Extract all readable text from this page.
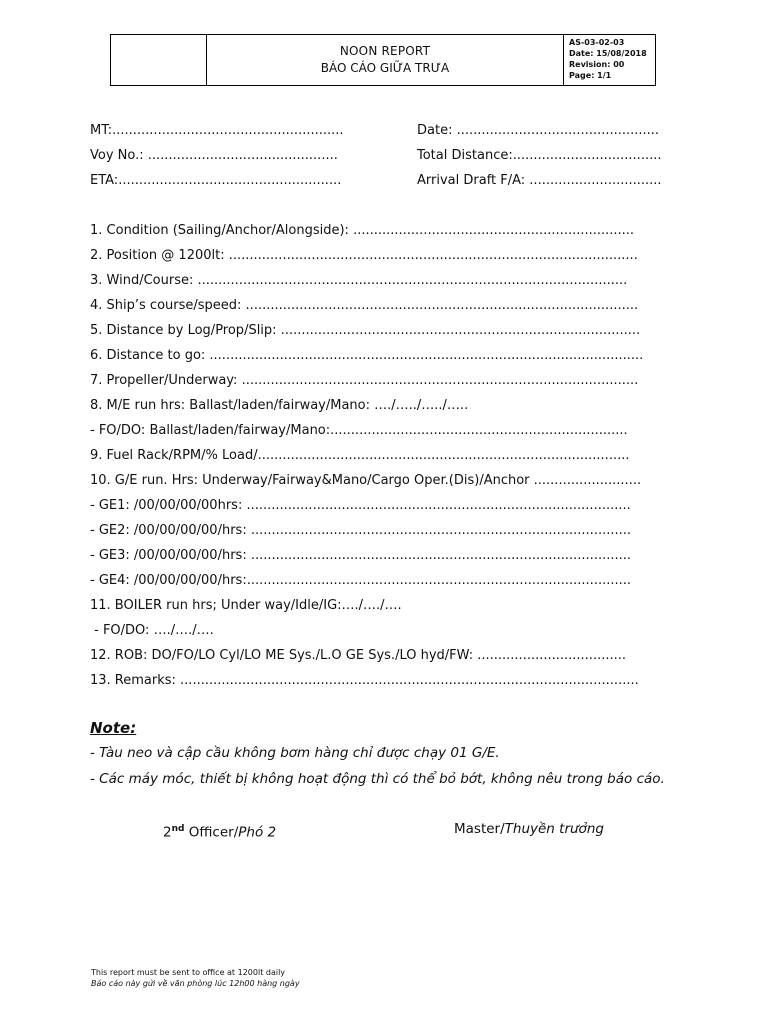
NOON REPORT
BÁO CÁO GIỮA TRƯA
AS-03-02-03
Date: 15/08/2018
Revision: 00
Page: 1/1
MT:........................................................	Date: .................................................
Voy No.: ..............................................	Total Distance:....................................
ETA:......................................................	Arrival Draft F/A: ................................
1. Condition (Sailing/Anchor/Alongside): ....................................................................
2. Position @ 1200lt: ...................................................................................................
3. Wind/Course: ........................................................................................................
4. Ship’s course/speed: ...............................................................................................
5. Distance by Log/Prop/Slip: .......................................................................................
6. Distance to go: .........................................................................................................
7. Propeller/Underway: ................................................................................................
8. M/E run hrs: Ballast/laden/fairway/Mano: …./…../…../…..
- FO/DO: Ballast/laden/fairway/Mano:........................................................................
9. Fuel Rack/RPM/% Load/..........................................................................................
10. G/E run. Hrs: Underway/Fairway&Mano/Cargo Oper.(Dis)/Anchor ..........................
- GE1: /00/00/00/00hrs: .............................................................................................
- GE2: /00/00/00/00/hrs: ............................................................................................
- GE3: /00/00/00/00/hrs: ............................................................................................
- GE4: /00/00/00/00/hrs:.............................................................................................
11. BOILER run hrs; Under way/Idle/IG:…./…./….
- FO/DO: …./…./….
12. ROB: DO/FO/LO Cyl/LO ME Sys./L.O GE Sys./LO hyd/FW: ....................................
13. Remarks: ...............................................................................................................
Note:
- Tàu neo và cập cầu không bơm hàng chỉ được chạy 01 G/E.
- Các máy móc, thiết bị không hoạt động thì có thể bỏ bớt, không nêu trong báo cáo.
2nd Officer/Phó 2	Master/Thuyền trưởng
This report must be sent to office at 1200lt daily
Báo cáo này gửi về văn phòng lúc 12h00 hàng ngày
